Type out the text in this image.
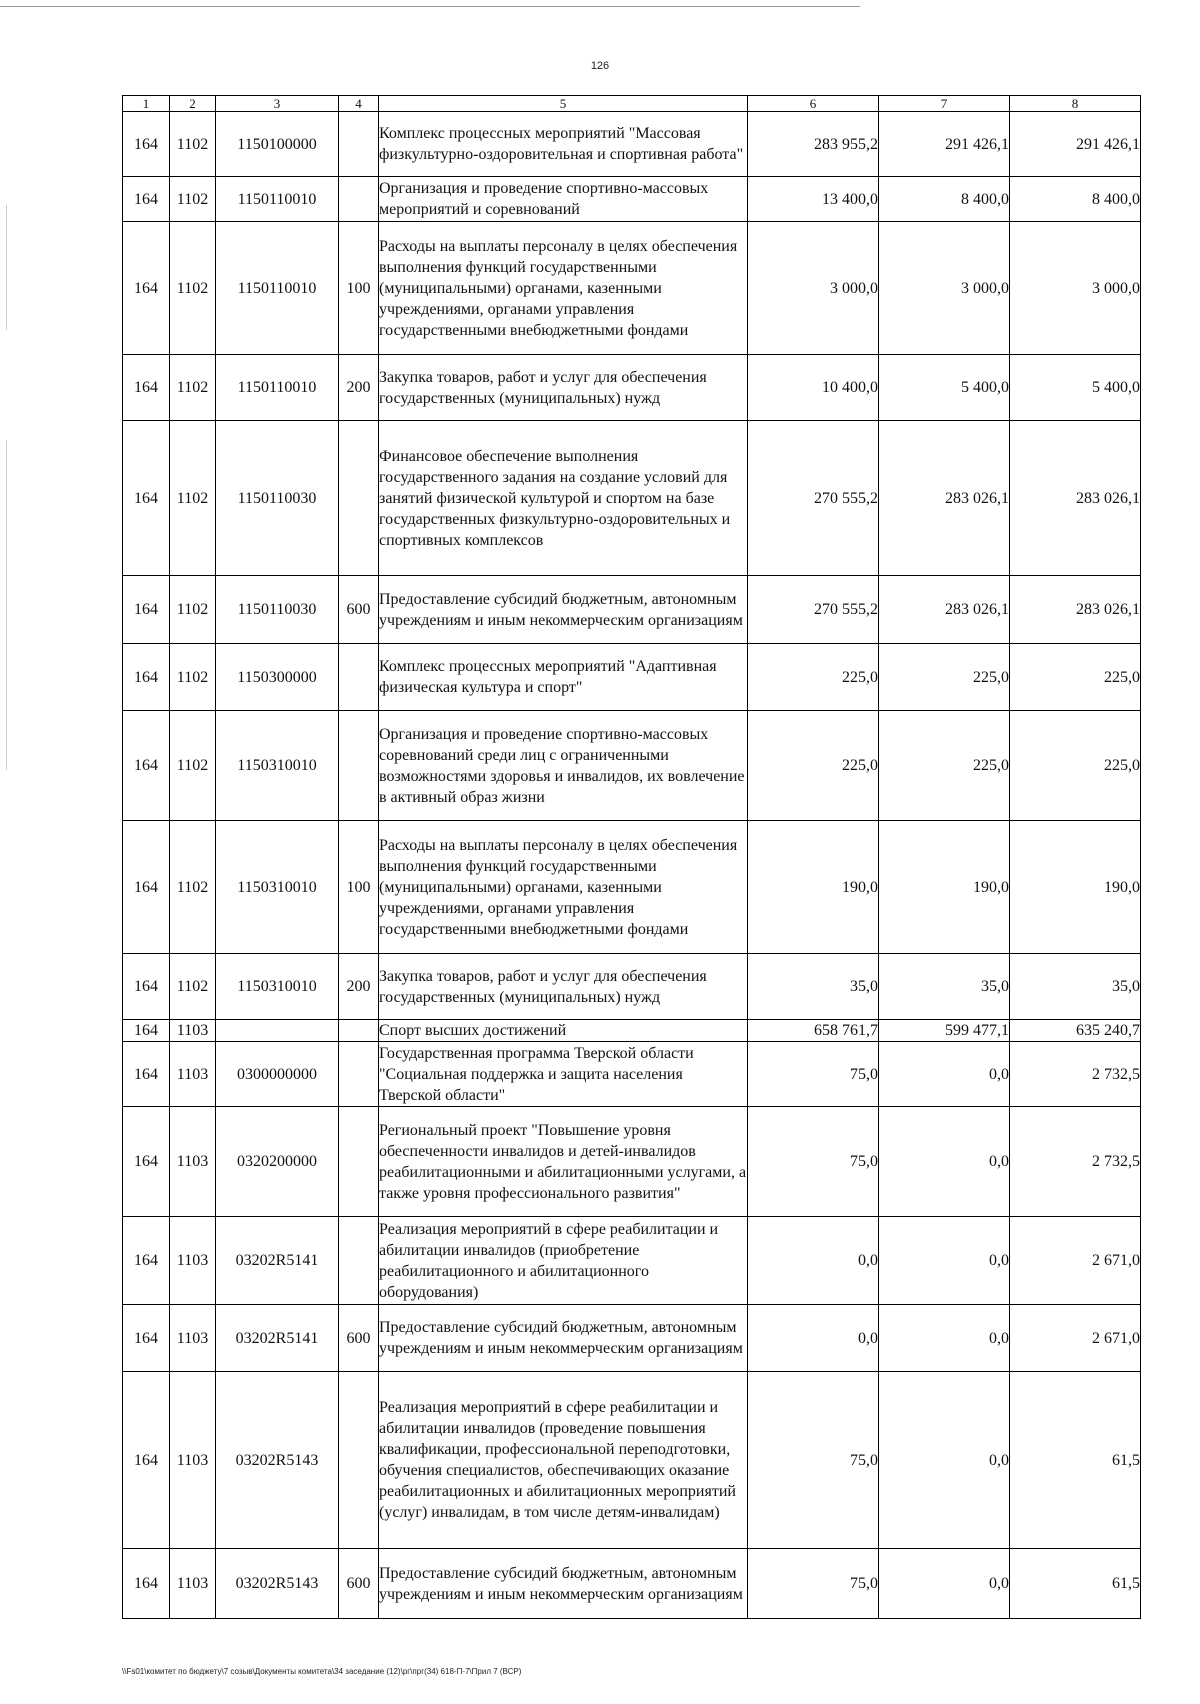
126
1	2	3	4	5	6	7	8
164	1102	1150100000		Комплекс процессных мероприятий "Массовая физкультурно-оздоровительная и спортивная работа"	283 955,2	291 426,1	291 426,1
164	1102	1150110010		Организация и проведение спортивно-массовых мероприятий и соревнований	13 400,0	8 400,0	8 400,0
164	1102	1150110010	100	Расходы на выплаты персоналу в целях обеспечения выполнения функций государственными (муниципальными) органами, казенными учреждениями, органами управления государственными внебюджетными фондами	3 000,0	3 000,0	3 000,0
164	1102	1150110010	200	Закупка товаров, работ и услуг для обеспечения государственных (муниципальных) нужд	10 400,0	5 400,0	5 400,0
164	1102	1150110030		Финансовое обеспечение выполнения государственного задания на создание условий для занятий физической культурой и спортом на базе государственных физкультурно-оздоровительных и спортивных комплексов	270 555,2	283 026,1	283 026,1
164	1102	1150110030	600	Предоставление субсидий бюджетным, автономным учреждениям и иным некоммерческим организациям	270 555,2	283 026,1	283 026,1
164	1102	1150300000		Комплекс процессных мероприятий "Адаптивная физическая культура и спорт"	225,0	225,0	225,0
164	1102	1150310010		Организация и проведение спортивно-массовых соревнований среди лиц с ограниченными возможностями здоровья и инвалидов, их вовлечение в активный образ жизни	225,0	225,0	225,0
164	1102	1150310010	100	Расходы на выплаты персоналу в целях обеспечения выполнения функций государственными (муниципальными) органами, казенными учреждениями, органами управления государственными внебюджетными фондами	190,0	190,0	190,0
164	1102	1150310010	200	Закупка товаров, работ и услуг для обеспечения государственных (муниципальных) нужд	35,0	35,0	35,0
164	1103			Спорт высших достижений	658 761,7	599 477,1	635 240,7
164	1103	0300000000		Государственная программа Тверской области "Социальная поддержка и защита населения Тверской области"	75,0	0,0	2 732,5
164	1103	0320200000		Региональный проект "Повышение уровня обеспеченности инвалидов и детей-инвалидов реабилитационными и абилитационными услугами, а также уровня профессионального развития"	75,0	0,0	2 732,5
164	1103	03202R5141		Реализация мероприятий в сфере реабилитации и абилитации инвалидов (приобретение реабилитационного и абилитационного оборудования)	0,0	0,0	2 671,0
164	1103	03202R5141	600	Предоставление субсидий бюджетным, автономным учреждениям и иным некоммерческим организациям	0,0	0,0	2 671,0
164	1103	03202R5143		Реализация мероприятий в сфере реабилитации и абилитации инвалидов (проведение повышения квалификации, профессиональной переподготовки, обучения специалистов, обеспечивающих оказание реабилитационных и абилитационных мероприятий (услуг) инвалидам, в том числе детям-инвалидам)	75,0	0,0	61,5
164	1103	03202R5143	600	Предоставление субсидий бюджетным, автономным учреждениям и иным некоммерческим организациям	75,0	0,0	61,5
\\Fs01\комитет по бюджету\7 созыв\Документы комитета\34 заседание (12)\рг\прг(34) 618-П-7\Прил 7 (ВСР)
